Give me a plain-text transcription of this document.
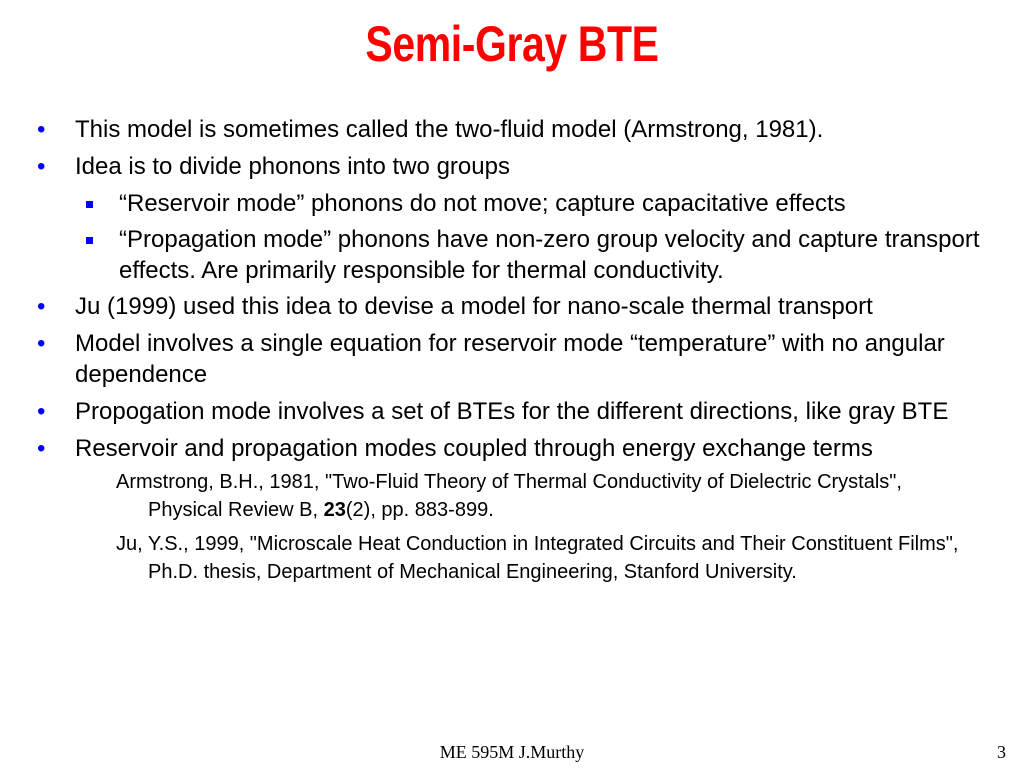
Semi-Gray BTE
• This model is sometimes called the two-fluid model (Armstrong, 1981).
• Idea is to divide phonons into two groups
“Reservoir mode” phonons do not move; capture capacitative effects
“Propagation mode” phonons have non-zero group velocity and capture transport effects. Are primarily responsible for thermal conductivity.
• Ju (1999) used this idea to devise a model for nano-scale thermal transport
• Model involves a single equation for reservoir mode “temperature” with no angular dependence
• Propogation mode involves a set of BTEs for the different directions, like gray BTE
• Reservoir and propagation modes coupled through energy exchange terms
Armstrong, B.H., 1981, "Two-Fluid Theory of Thermal Conductivity of Dielectric Crystals", Physical Review B, 23(2), pp. 883-899.
Ju, Y.S., 1999, "Microscale Heat Conduction in Integrated Circuits and Their Constituent Films", Ph.D. thesis, Department of Mechanical Engineering, Stanford University.
ME 595M J.Murthy	3
